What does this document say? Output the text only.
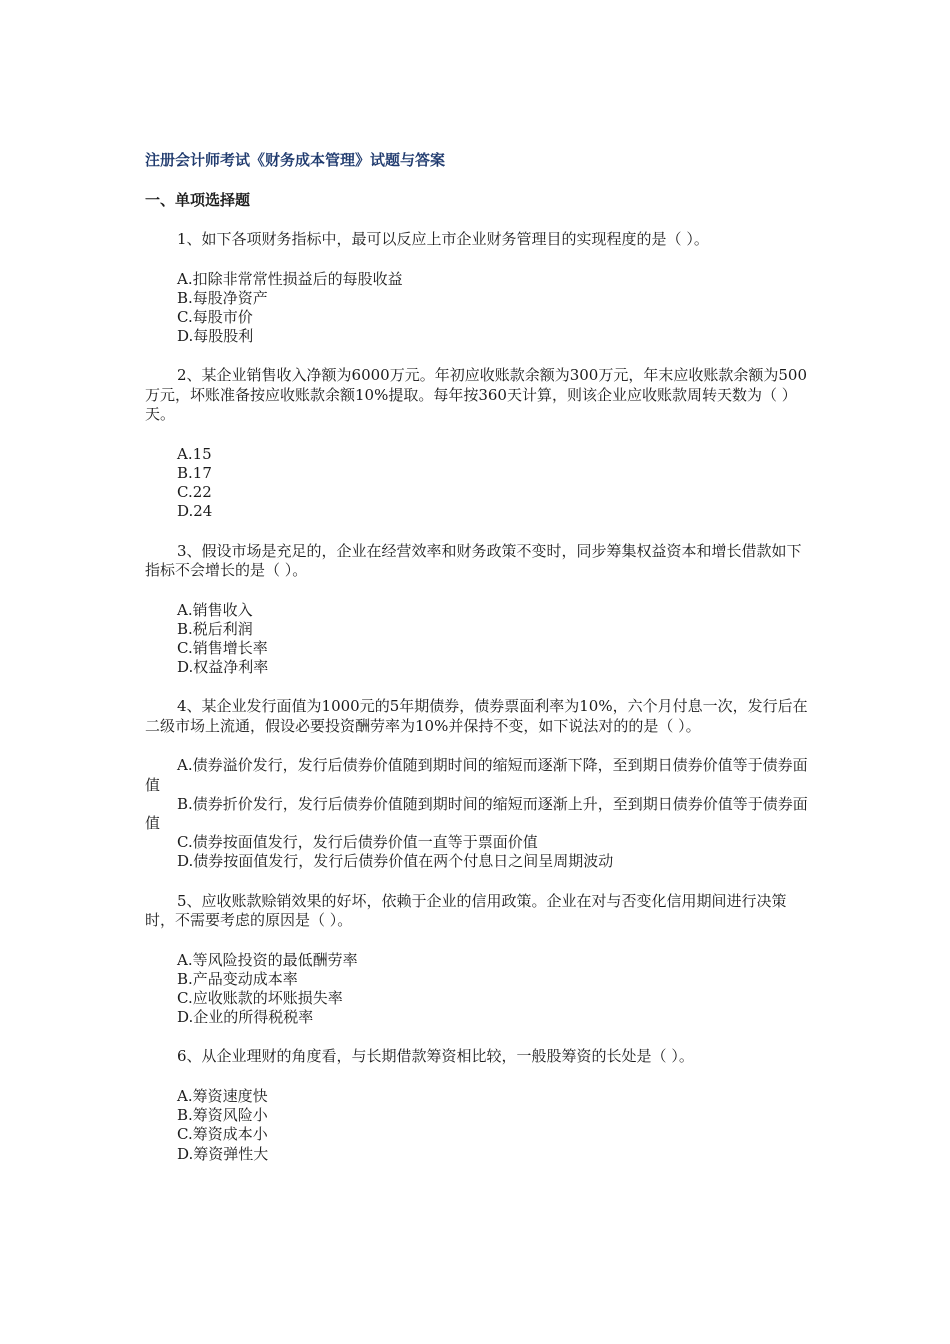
注册会计师考试《财务成本管理》试题与答案
一、单项选择题
1、如下各项财务指标中，最可以反应上市企业财务管理目的实现程度的是（ ）。
A.扣除非常常性损益后的每股收益
B.每股净资产
C.每股市价
D.每股股利
2、某企业销售收入净额为6000万元。年初应收账款余额为300万元，年末应收账款余额为500万元，坏账准备按应收账款余额10%提取。每年按360天计算，则该企业应收账款周转天数为（ ）天。
A.15
B.17
C.22
D.24
3、假设市场是充足的，企业在经营效率和财务政策不变时，同步筹集权益资本和增长借款如下指标不会增长的是（ ）。
A.销售收入
B.税后利润
C.销售增长率
D.权益净利率
4、某企业发行面值为1000元的5年期债券，债券票面利率为10%，六个月付息一次，发行后在二级市场上流通，假设必要投资酬劳率为10%并保持不变，如下说法对的的是（ ）。
A.债券溢价发行，发行后债券价值随到期时间的缩短而逐渐下降，至到期日债券价值等于债券面值
B.债券折价发行，发行后债券价值随到期时间的缩短而逐渐上升，至到期日债券价值等于债券面值
C.债券按面值发行，发行后债券价值一直等于票面价值
D.债券按面值发行，发行后债券价值在两个付息日之间呈周期波动
5、应收账款赊销效果的好坏，依赖于企业的信用政策。企业在对与否变化信用期间进行决策时，不需要考虑的原因是（ ）。
A.等风险投资的最低酬劳率
B.产品变动成本率
C.应收账款的坏账损失率
D.企业的所得税税率
6、从企业理财的角度看，与长期借款筹资相比较，一般股筹资的长处是（ ）。
A.筹资速度快
B.筹资风险小
C.筹资成本小
D.筹资弹性大
